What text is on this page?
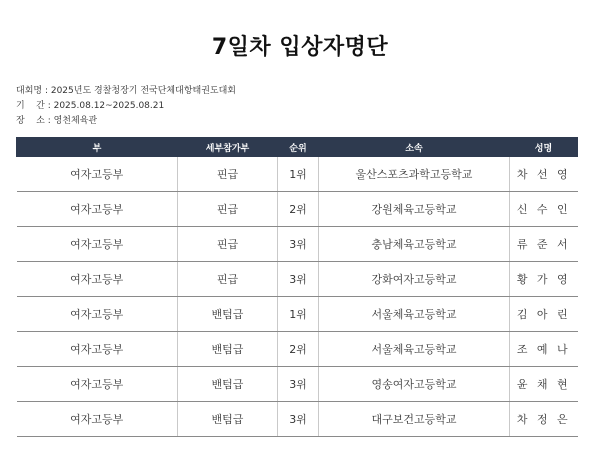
7일차 입상자명단
대회명 : 2025년도 경찰청장기 전국단체대항태권도대회
기    간 : 2025.08.12~2025.08.21
장    소 : 영천체육관
부	세부참가부	순위	소속	성명
여자고등부	핀급	1위	울산스포츠과학고등학교	차 선 영
여자고등부	핀급	2위	강원체육고등학교	신 수 인
여자고등부	핀급	3위	충남체육고등학교	류 준 서
여자고등부	핀급	3위	강화여자고등학교	황 가 영
여자고등부	밴텀급	1위	서울체육고등학교	김 아 린
여자고등부	밴텀급	2위	서울체육고등학교	조 예 나
여자고등부	밴텀급	3위	영송여자고등학교	윤 채 현
여자고등부	밴텀급	3위	대구보건고등학교	차 정 은
